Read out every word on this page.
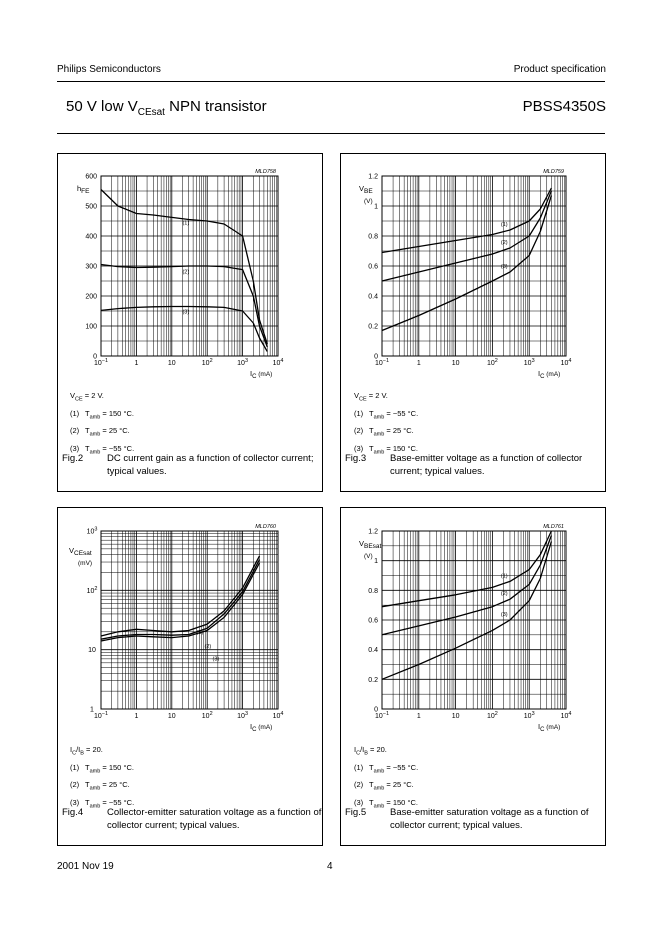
Philips Semiconductors	Product specification
50 V low $V_{CEsat}$ NPN transistor	PBSS4350S
0
100
200
300
400
500
600
$10^{-1}$	1	10	$10^2$	$10^3$	$10^4$
hFE
$I_C$ (mA)
MLD758
(1)
(2)
(3)
0
0.2
0.4
0.6
0.8
1
1.2
$10^{-1}$	1	10	$10^2$	$10^3$	$10^4$
VBE
(V)
$I_C$ (mA)
MLD759
(1)
(2)
(3)
1
10
$10^2$
$10^3$
$10^{-1}$	1	10	$10^2$	$10^3$	$10^4$
VCEsat
(mV)
$I_C$ (mA)
MLD760
(1)
(2)
(3)
0
0.2
0.4
0.6
0.8
1
1.2
$10^{-1}$	1	10	$10^2$	$10^3$	$10^4$
VBEsat
(V)
$I_C$ (mA)
MLD761
(1)
(2)
(3)
$V_{CE} = 2$ V.
(1) $T_{amb} = 150$ °C.
(2) $T_{amb} = 25$ °C.
(3) $T_{amb} = -55$ °C.
Fig.2	DC current gain as a function of collector current; typical values.
$V_{CE} = 2$ V.
(1) $T_{amb} = -55$ °C.
(2) $T_{amb} = 25$ °C.
(3) $T_{amb} = 150$ °C.
Fig.3	Base-emitter voltage as a function of collector current; typical values.
$I_C/I_B = 20$.
(1) $T_{amb} = 150$ °C.
(2) $T_{amb} = 25$ °C.
(3) $T_{amb} = -55$ °C.
Fig.4	Collector-emitter saturation voltage as a function of collector current; typical values.
$I_C/I_B = 20$.
(1) $T_{amb} = -55$ °C.
(2) $T_{amb} = 25$ °C.
(3) $T_{amb} = 150$ °C.
Fig.5	Base-emitter saturation voltage as a function of collector current; typical values.
2001 Nov 19	4
